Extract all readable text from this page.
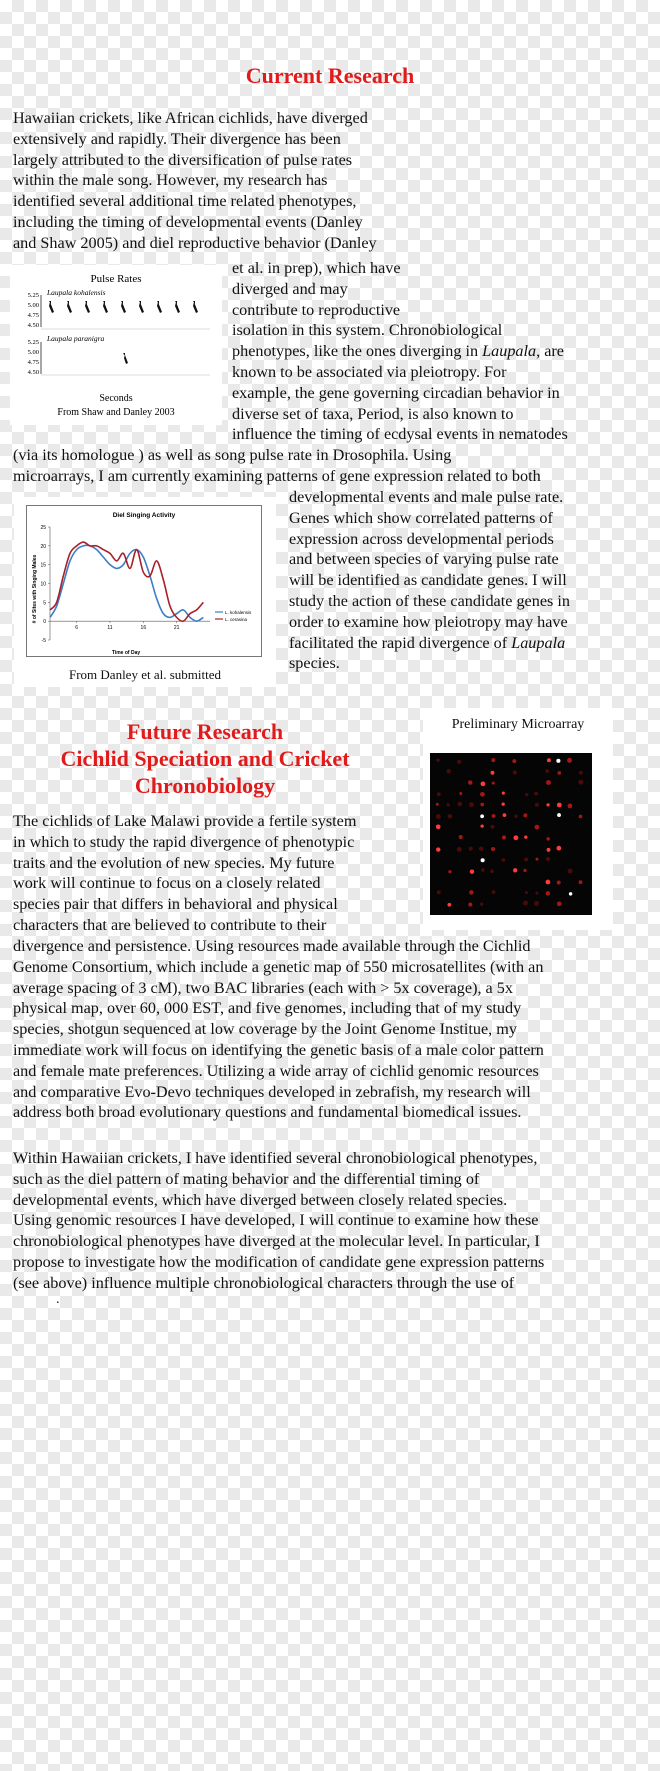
Current Research
Hawaiian crickets, like African cichlids, have diverged
extensively and rapidly. Their divergence has been
largely attributed to the diversification of pulse rates
within the male song. However, my research has
identified several additional time related phenotypes,
including the timing of developmental events (Danley
and Shaw 2005) and diel reproductive behavior (Danley
Pulse Rates
Laupala kohalensis
5.25
5.00
4.75
4.50
Laupala paranigra
5.25
5.00
4.75
4.50
Seconds
From Shaw and Danley 2003
et al. in prep), which have
diverged and may
contribute to reproductive
isolation in this system. Chronobiological
phenotypes, like the ones diverging in Laupala, are
known to be associated via pleiotropy. For
example, the gene governing circadian behavior in
diverse set of taxa, Period, is also known to
influence the timing of ecdysal events in nematodes
(via its homologue ) as well as song pulse rate in Drosophila. Using
microarrays, I am currently examining patterns of gene expression related to both
Diel Singing Activity
# of Sites with Singing Males
Time of Day
25
20
15
10
5
0
-5
6	11	16	21
L. kohalensis
L. cerasina
From Danley et al. submitted
developmental events and male pulse rate.
Genes which show correlated patterns of
expression across developmental periods
and between species of varying pulse rate
will be identified as candidate genes. I will
study the action of these candidate genes in
order to examine how pleiotropy may have
facilitated the rapid divergence of Laupala
species.
Future Research
Cichlid Speciation and Cricket
Chronobiology
Preliminary Microarray
The cichlids of Lake Malawi provide a fertile system
in which to study the rapid divergence of phenotypic
traits and the evolution of new species. My future
work will continue to focus on a closely related
species pair that differs in behavioral and physical
characters that are believed to contribute to their
divergence and persistence. Using resources made available through the Cichlid
Genome Consortium, which include a genetic map of 550 microsatellites (with an
average spacing of 3 cM), two BAC libraries (each with > 5x coverage), a 5x
physical map, over 60, 000 EST, and five genomes, including that of my study
species, shotgun sequenced at low coverage by the Joint Genome Institue, my
immediate work will focus on identifying the genetic basis of a male color pattern
and female mate preferences. Utilizing a wide array of cichlid genomic resources
and comparative Evo-Devo techniques developed in zebrafish, my research will
address both broad evolutionary questions and fundamental biomedical issues.
Within Hawaiian crickets, I have identified several chronobiological phenotypes,
such as the diel pattern of mating behavior and the differential timing of
developmental events, which have diverged between closely related species.
Using genomic resources I have developed, I will continue to examine how these
chronobiological phenotypes have diverged at the molecular level. In particular, I
propose to investigate how the modification of candidate gene expression patterns
(see above) influence multiple chronobiological characters through the use of
.
